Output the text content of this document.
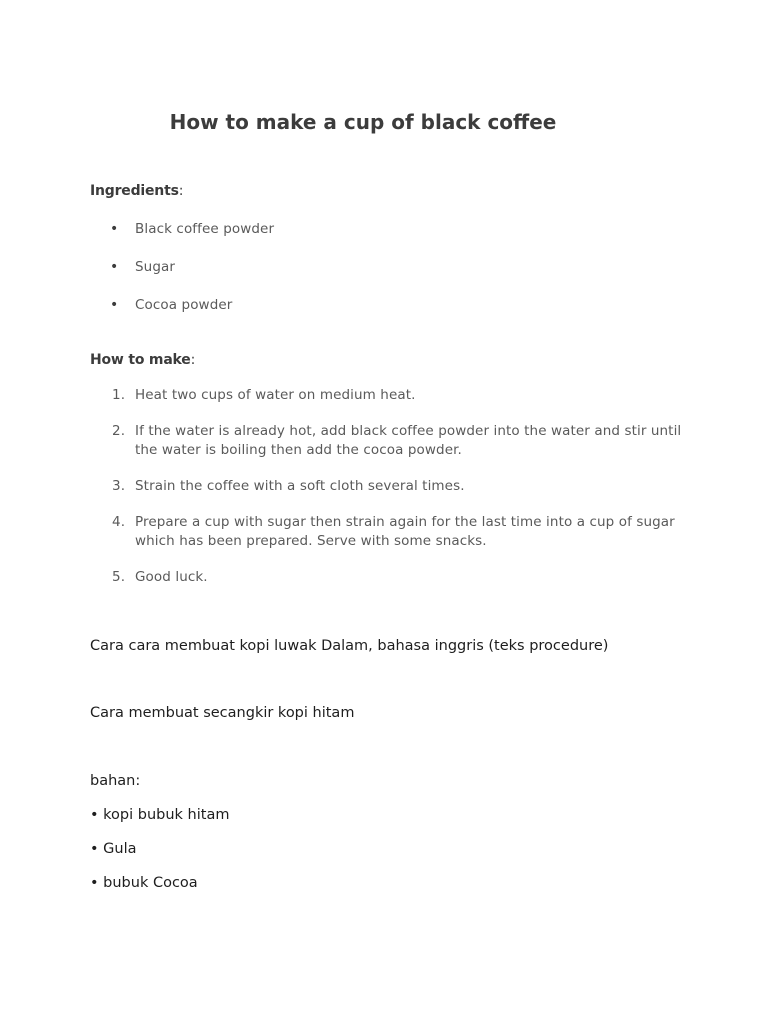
How to make a cup of black coffee

Ingredients:

• Black coffee powder
• Sugar
• Cocoa powder

How to make:

1. Heat two cups of water on medium heat.
2. If the water is already hot, add black coffee powder into the water and stir until the water is boiling then add the cocoa powder.
3. Strain the coffee with a soft cloth several times.
4. Prepare a cup with sugar then strain again for the last time into a cup of sugar which has been prepared. Serve with some snacks.
5. Good luck.

Cara cara membuat kopi luwak Dalam, bahasa inggris (teks procedure)

Cara membuat secangkir kopi hitam

bahan:

• kopi bubuk hitam

• Gula

• bubuk Cocoa
